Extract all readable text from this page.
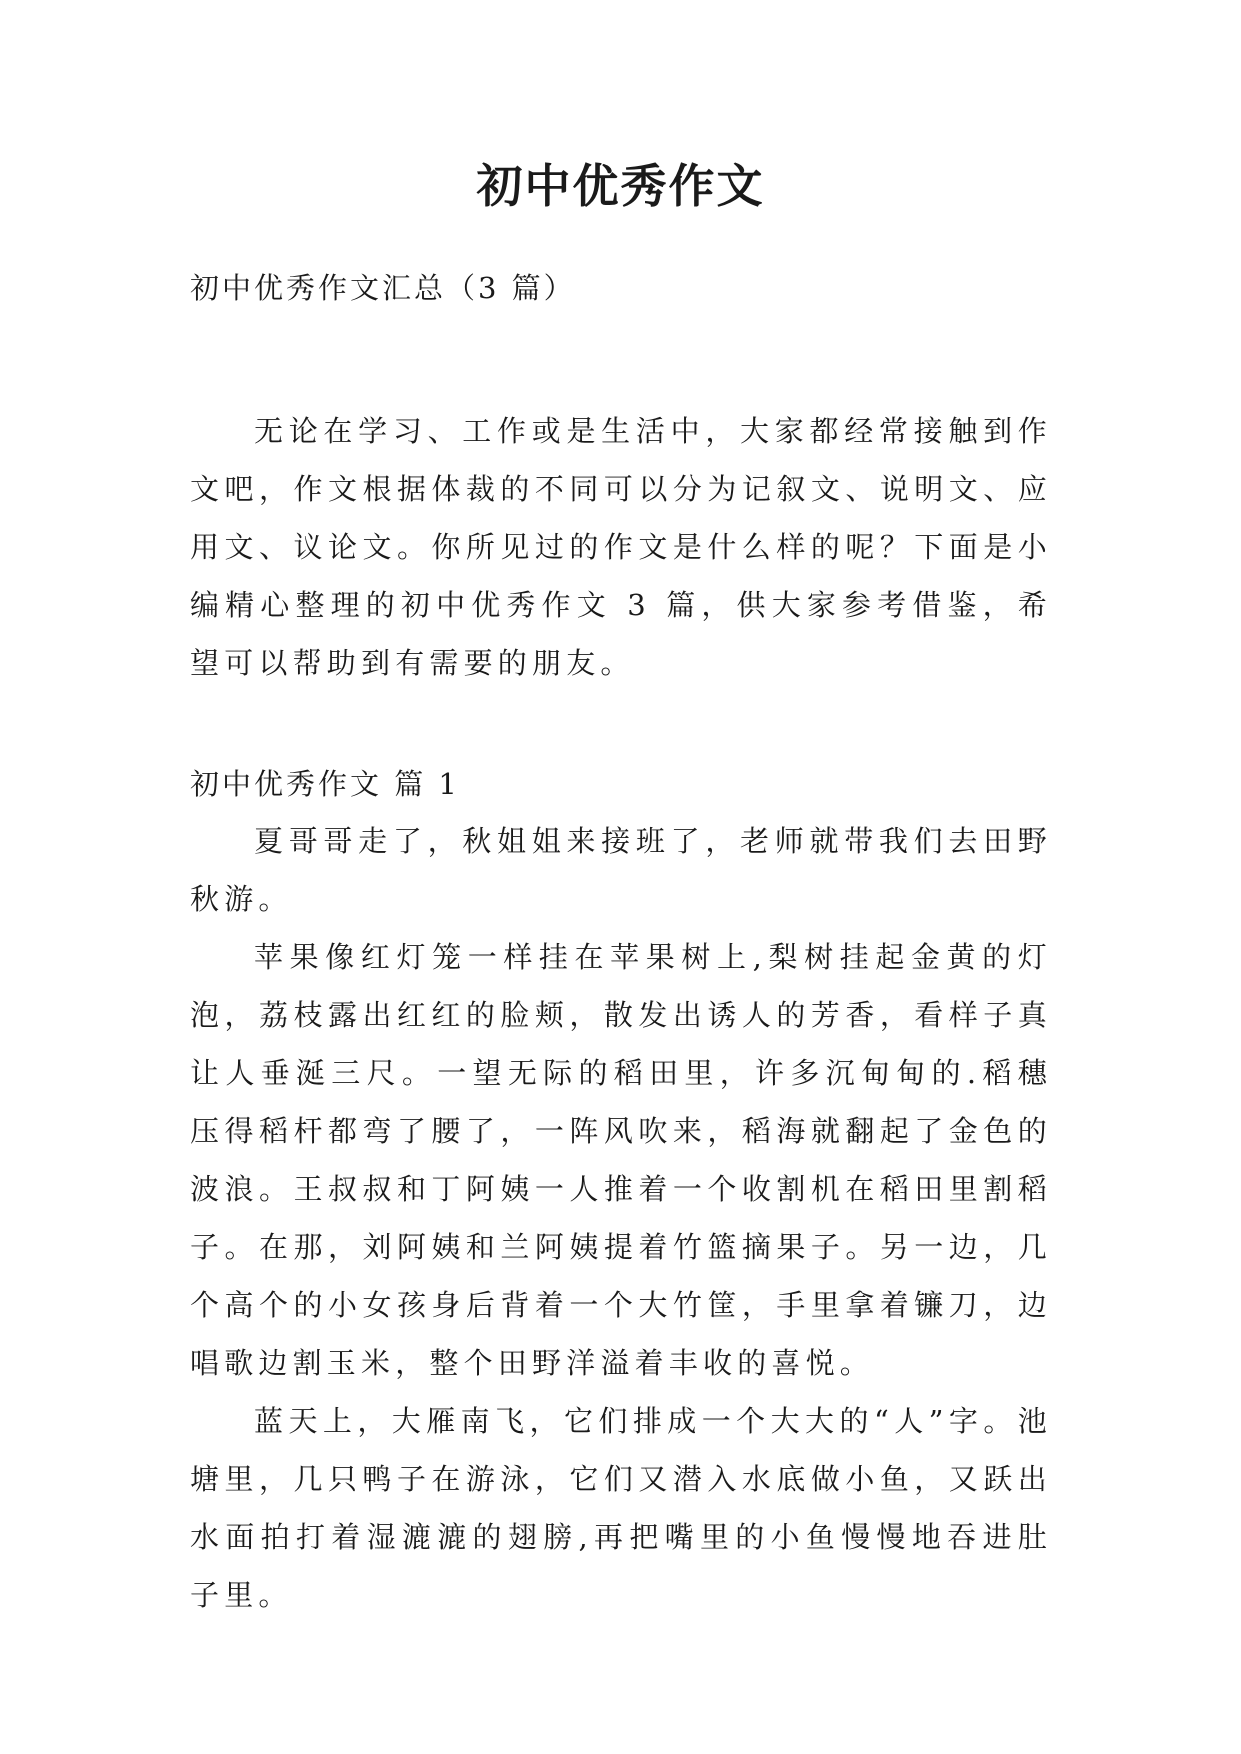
初中优秀作文
初中优秀作文汇总（3 篇）

无论在学习、工作或是生活中，大家都经常接触到作文吧，作文根据体裁的不同可以分为记叙文、说明文、应用文、议论文。你所见过的作文是什么样的呢？下面是小编精心整理的初中优秀作文 3 篇，供大家参考借鉴，希望可以帮助到有需要的朋友。

初中优秀作文 篇 1

夏哥哥走了，秋姐姐来接班了，老师就带我们去田野秋游。

苹果像红灯笼一样挂在苹果树上,梨树挂起金黄的灯泡，荔枝露出红红的脸颊，散发出诱人的芳香，看样子真让人垂涎三尺。一望无际的稻田里，许多沉甸甸的.稻穗压得稻杆都弯了腰了，一阵风吹来，稻海就翻起了金色的波浪。王叔叔和丁阿姨一人推着一个收割机在稻田里割稻子。在那，刘阿姨和兰阿姨提着竹篮摘果子。另一边，几个高个的小女孩身后背着一个大竹筐，手里拿着镰刀，边唱歌边割玉米，整个田野洋溢着丰收的喜悦。

蓝天上，大雁南飞，它们排成一个大大的“人”字。池塘里，几只鸭子在游泳，它们又潜入水底做小鱼，又跃出水面拍打着湿漉漉的翅膀,再把嘴里的小鱼慢慢地吞进肚子里。
